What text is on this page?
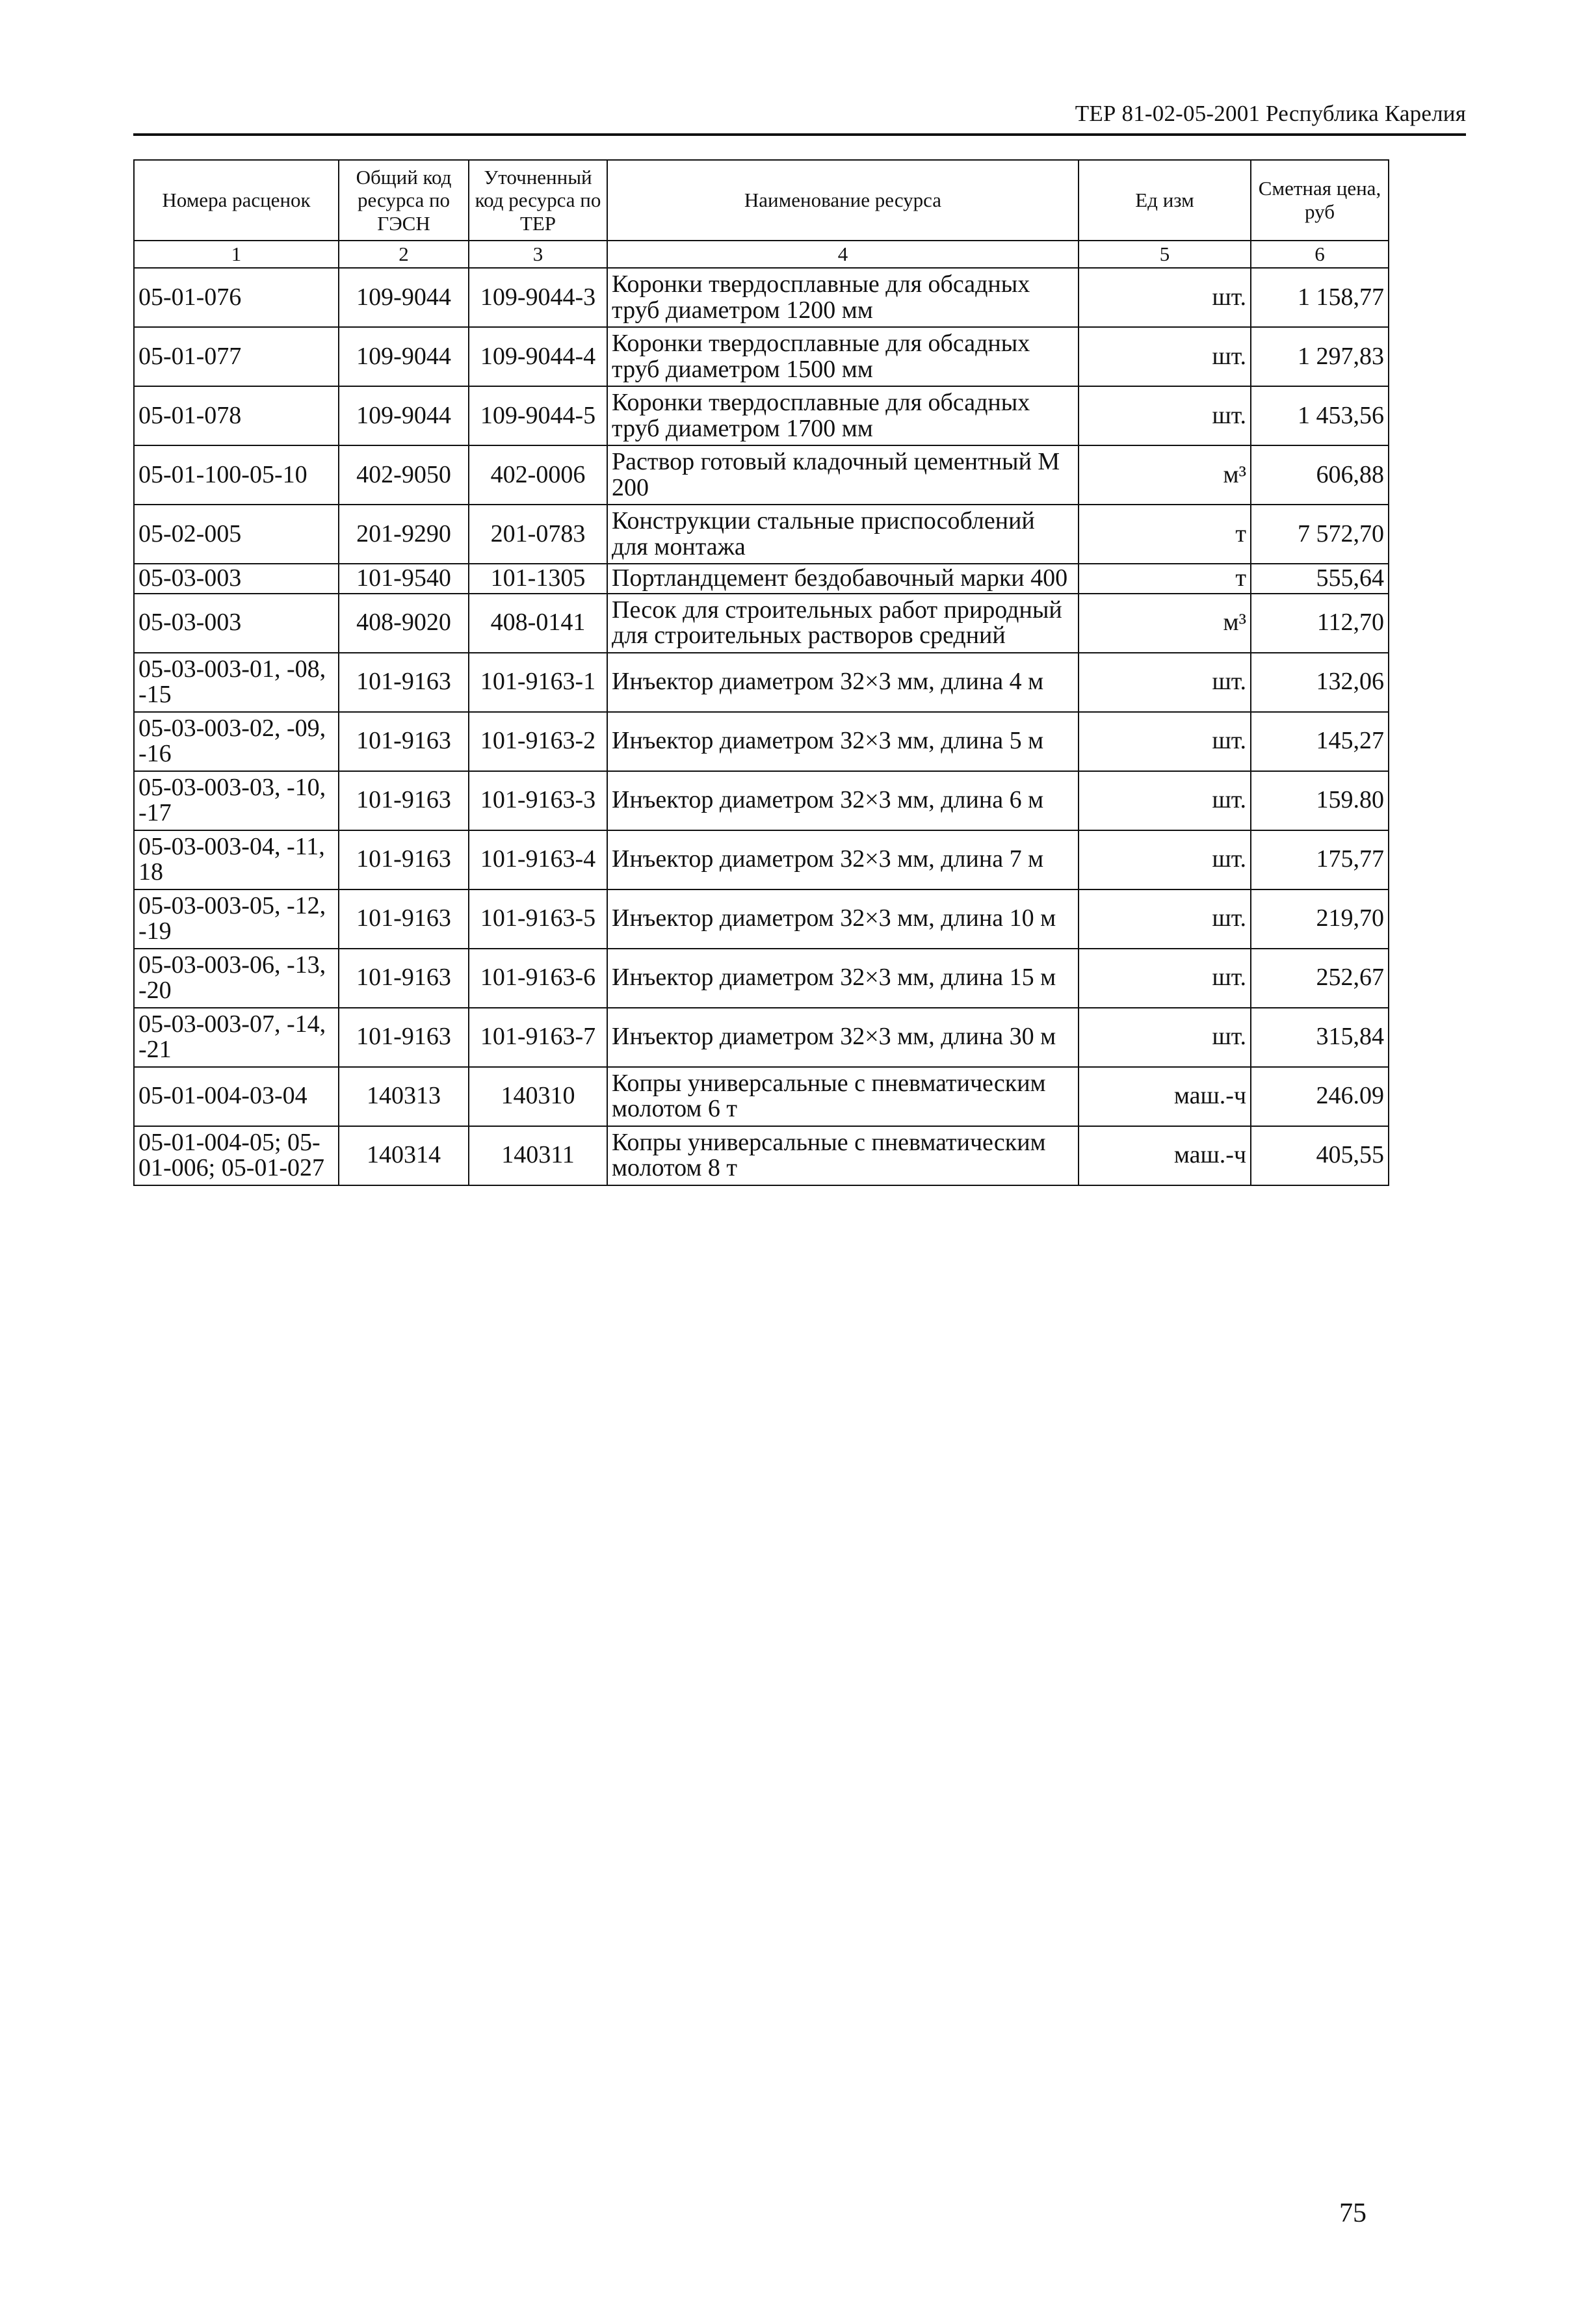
ТЕР 81-02-05-2001 Республика Карелия
Номера расценок	Общий код ресурса по ГЭСН	Уточненный код ресурса по ТЕР	Наименование ресурса	Ед изм	Сметная цена, руб
1	2	3	4	5	6
05-01-076	109-9044	109-9044-3	Коронки твердосплавные для обсадных труб диаметром 1200 мм	шт.	1 158,77
05-01-077	109-9044	109-9044-4	Коронки твердосплавные для обсадных труб диаметром 1500 мм	шт.	1 297,83
05-01-078	109-9044	109-9044-5	Коронки твердосплавные для обсадных труб диаметром 1700 мм	шт.	1 453,56
05-01-100-05-10	402-9050	402-0006	Раствор готовый кладочный цементный М 200	м³	606,88
05-02-005	201-9290	201-0783	Конструкции стальные приспособлений для монтажа	т	7 572,70
05-03-003	101-9540	101-1305	Портландцемент бездобавочный марки 400	т	555,64
05-03-003	408-9020	408-0141	Песок для строительных работ природный для строительных растворов средний	м³	112,70
05-03-003-01, -08, -15	101-9163	101-9163-1	Инъектор диаметром 32×3 мм, длина 4 м	шт.	132,06
05-03-003-02, -09, -16	101-9163	101-9163-2	Инъектор диаметром 32×3 мм, длина 5 м	шт.	145,27
05-03-003-03, -10, -17	101-9163	101-9163-3	Инъектор диаметром 32×3 мм, длина 6 м	шт.	159.80
05-03-003-04, -11, 18	101-9163	101-9163-4	Инъектор диаметром 32×3 мм, длина 7 м	шт.	175,77
05-03-003-05, -12, -19	101-9163	101-9163-5	Инъектор диаметром 32×3 мм, длина 10 м	шт.	219,70
05-03-003-06, -13, -20	101-9163	101-9163-6	Инъектор диаметром 32×3 мм, длина 15 м	шт.	252,67
05-03-003-07, -14, -21	101-9163	101-9163-7	Инъектор диаметром 32×3 мм, длина 30 м	шт.	315,84
05-01-004-03-04	140313	140310	Копры универсальные с пневматическим молотом 6 т	маш.-ч	246.09
05-01-004-05; 05-01-006; 05-01-027	140314	140311	Копры универсальные с пневматическим молотом 8 т	маш.-ч	405,55
75
